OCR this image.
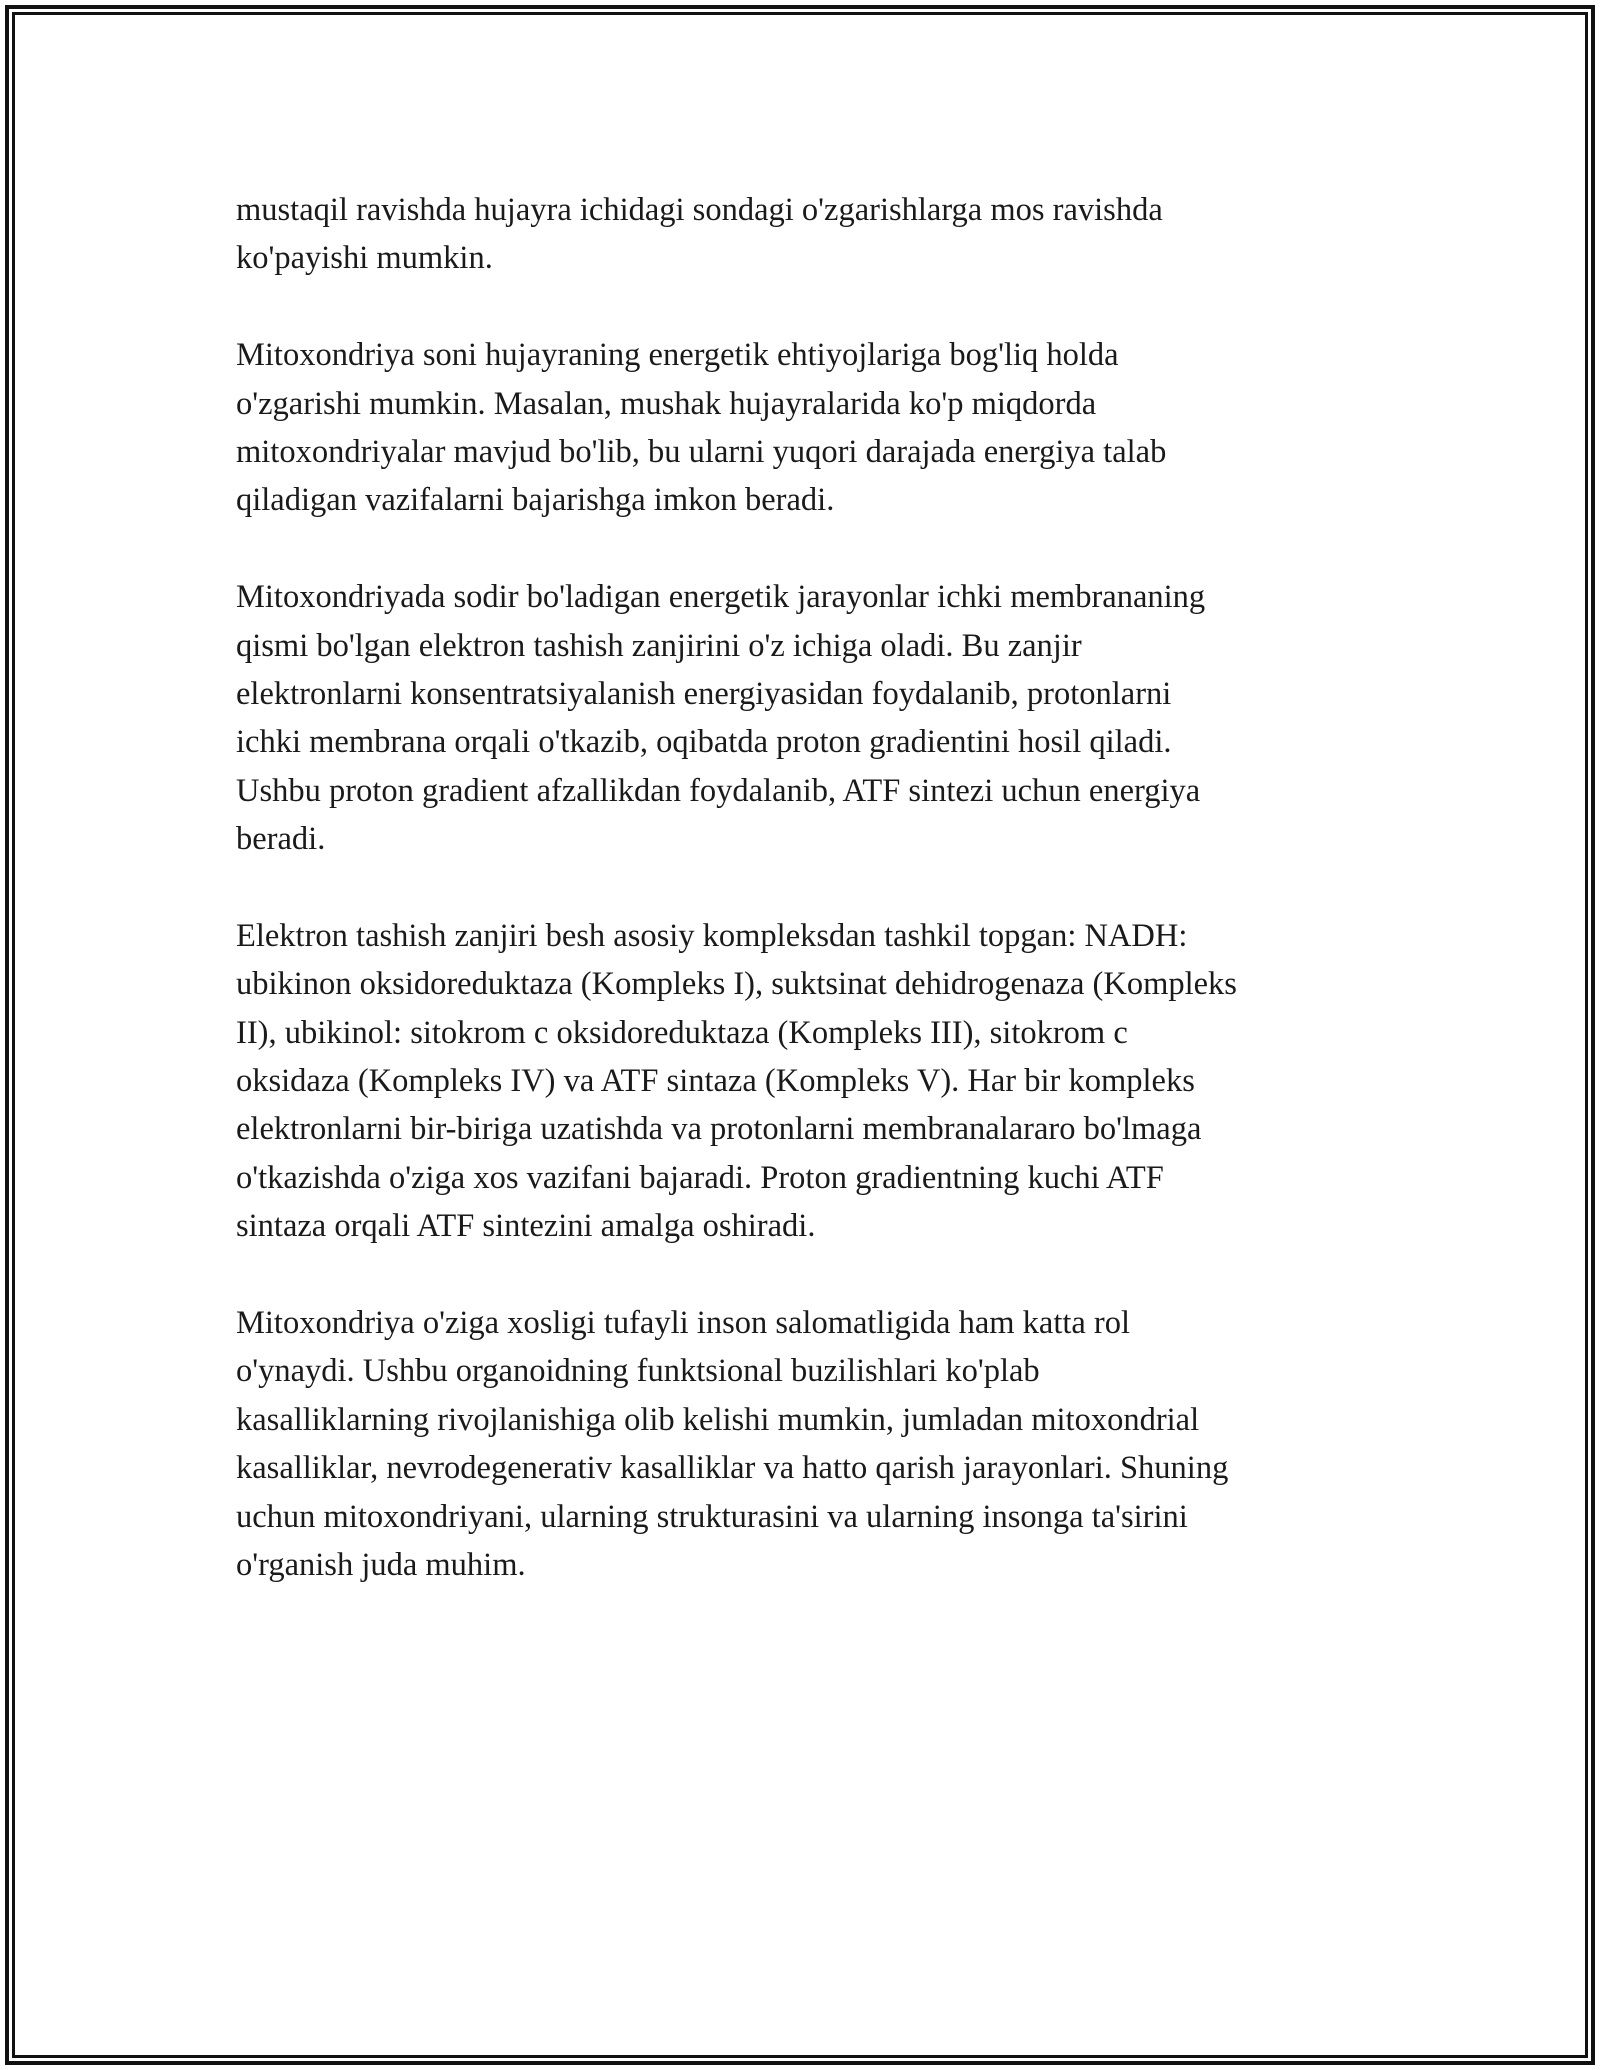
mustaqil ravishda hujayra ichidagi sondagi o'zgarishlarga mos ravishda
ko'payishi mumkin.
Mitoxondriya soni hujayraning energetik ehtiyojlariga bog'liq holda
o'zgarishi mumkin. Masalan, mushak hujayralarida ko'p miqdorda
mitoxondriyalar mavjud bo'lib, bu ularni yuqori darajada energiya talab
qiladigan vazifalarni bajarishga imkon beradi.
Mitoxondriyada sodir bo'ladigan energetik jarayonlar ichki membrananing
qismi bo'lgan elektron tashish zanjirini o'z ichiga oladi. Bu zanjir
elektronlarni konsentratsiyalanish energiyasidan foydalanib, protonlarni
ichki membrana orqali o'tkazib, oqibatda proton gradientini hosil qiladi.
Ushbu proton gradient afzallikdan foydalanib, ATF sintezi uchun energiya
beradi.
Elektron tashish zanjiri besh asosiy kompleksdan tashkil topgan: NADH:
ubikinon oksidoreduktaza (Kompleks I), suktsinat dehidrogenaza (Kompleks
II), ubikinol: sitokrom c oksidoreduktaza (Kompleks III), sitokrom c
oksidaza (Kompleks IV) va ATF sintaza (Kompleks V). Har bir kompleks
elektronlarni bir-biriga uzatishda va protonlarni membranalararo bo'lmaga
o'tkazishda o'ziga xos vazifani bajaradi. Proton gradientning kuchi ATF
sintaza orqali ATF sintezini amalga oshiradi.
Mitoxondriya o'ziga xosligi tufayli inson salomatligida ham katta rol
o'ynaydi. Ushbu organoidning funktsional buzilishlari ko'plab
kasalliklarning rivojlanishiga olib kelishi mumkin, jumladan mitoxondrial
kasalliklar, nevrodegenerativ kasalliklar va hatto qarish jarayonlari. Shuning
uchun mitoxondriyani, ularning strukturasini va ularning insonga ta'sirini
o'rganish juda muhim.
